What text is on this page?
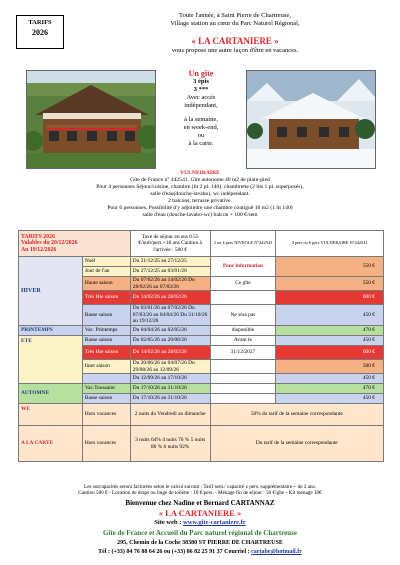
TARIFS
2026
Toute l'année, à Saint Pierre de Chartreuse,
Village station au cœur du Parc Naturel Régional,
« LA CARTANIERE »
vous propose une autre façon d'être en vacances.
Un gîte
3 épis
3 ***
Avec accès
indépendant,
à la semaine,
en week-end,
ou
à la carte.
VULNEIRAIRE
Gîte de France n° 442541. Gîte autonome 40 m2 de plain-pied
Pour 4 personnes Séjour/cuisine, chambre (lit 2 pl. 140), chambrette (2 lits 1 pl. superposés),
salle d'eau(douche-lavabo), wc indépendant.
2 balcons, terrasse privative.
Pour 6 personnes, Possibilité d'y adjoindre une chambre contiguë 10 m2 (1 lit 140)
salle d'eau (douche-lavabo-wc) balcon + 100 €/sem
TARIFS 2026
Valables du 20/12/2026
Au 19/12/2026		Taxe de séjour en sus 0.55 €/nuit/pers.+18 ans Caution à l'arrivée : 500 €	2 ou 4 pers NIVEOLE N°442543	4 pers ou 6 pers VULNERAIRE N°442541
HIVER	Noël	Du 21/12/25 au 27/12/25	Pour information	550 €
	Jour de l'an	Du 27/12/25 au 03/01/26		
	Haute saison	Du 07/02/26 au 14/02/26 Du 28/02/26 au 07/03/26	Ce gîte	550 €
	Très Hte saison	Du 14/02/26 au 28/02/26		600 €
	Basse saison	Du 03/01/26 au 07/02/26 Du 07/03/26 au 04/04/26 Du 31/10/26 au 19/12/26	Ne sera pas	450 €
PRINTEMPS	Vac. Printemps	Du 04/04/26 au 02/05/26	disponible	470 €
ETE	Basse saison	Du 02/05/26 au 20/06/26	Avant le	450 €
	Très Hte saison	Du 14/02/26 au 28/02/26	31/12/2027	600 €
	Inter saison	Du 20/06/26 au 04/07/26 Du 29/08/26 au 12/09/26		500 €
		Du 12/09/26 au 17/10/26		450 €
AUTOMNE	Vac.Toussaint	Du 17/10/26 au 31/10/26		470 €
	Basse saison	Du 17/10/26 au 31/10/26		450 €
WE	Hors vacances	2 nuits du Vendredi au dimanche	50% du tarif de la semaine correspondante	
A LA CARTE	Hors vacances	3 nuits 64% 4 nuits 76 % 5 nuits 86 % 6 nuits 92%	Du tarif de la semaine correspondante	
Les surcapacités seront facturées selon le calcul suivant : Tarif sem./ capacité x pers. supplémentaire + de 2 ans.
Caution 500 € - Location de draps ou linge de toilette : 10 €/pers. - Ménage fin de séjour : 50 €/gîte - Kit ménage 10€
Bienvenue chez Nadine et Bernard CARTANNAZ
« LA CARTANIERE »
Site web : www.gite-cartaniere.fr
Gîte de France et Accueil du Parc naturel régional de Chartreuse
295, Chemin de la Coche 38380 ST PIERRE DE CHARTREUSE
Tél : (+33) 04 76 88 64 26 ou (+33) 06 82 25 91 37 Courriel : cartabe@hotmail.fr
